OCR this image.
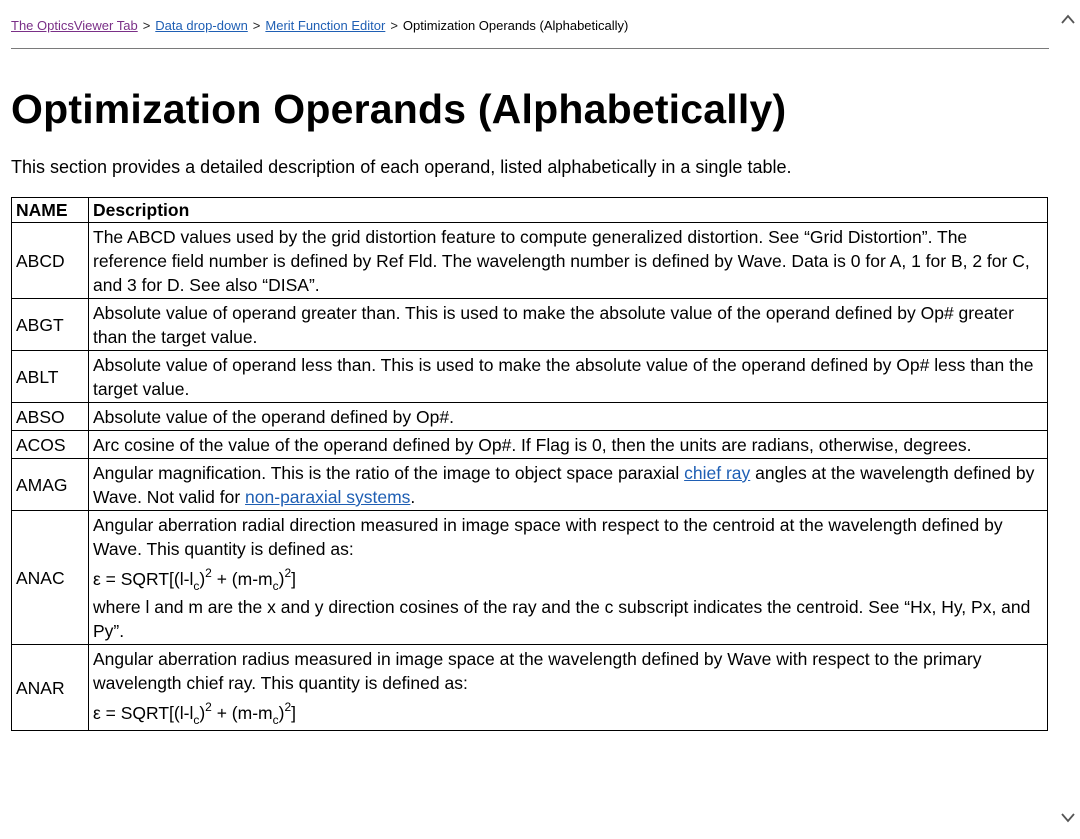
The OpticsViewer Tab > Data drop-down > Merit Function Editor > Optimization Operands (Alphabetically)
Optimization Operands (Alphabetically)

This section provides a detailed description of each operand, listed alphabetically in a single table.

NAME	Description
ABCD	The ABCD values used by the grid distortion feature to compute generalized distortion. See “Grid Distortion”. The reference field number is defined by Ref Fld. The wavelength number is defined by Wave. Data is 0 for A, 1 for B, 2 for C, and 3 for D. See also “DISA”.
ABGT	Absolute value of operand greater than. This is used to make the absolute value of the operand defined by Op# greater than the target value.
ABLT	Absolute value of operand less than. This is used to make the absolute value of the operand defined by Op# less than the target value.
ABSO	Absolute value of the operand defined by Op#.
ACOS	Arc cosine of the value of the operand defined by Op#. If Flag is 0, then the units are radians, otherwise, degrees.
AMAG	Angular magnification. This is the ratio of the image to object space paraxial chief ray angles at the wavelength defined by Wave. Not valid for non-paraxial systems.
ANAC	Angular aberration radial direction measured in image space with respect to the centroid at the wavelength defined by Wave. This quantity is defined as:
$\varepsilon = SQRT[(l-l_c)^2 + (m-m_c)^2]$
where l and m are the x and y direction cosines of the ray and the c subscript indicates the centroid. See “Hx, Hy, Px, and Py”.

ANAR	Angular aberration radius measured in image space at the wavelength defined by Wave with respect to the primary wavelength chief ray. This quantity is defined as:
$\varepsilon = SQRT[(l-l_c)^2 + (m-m_c)^2]$
